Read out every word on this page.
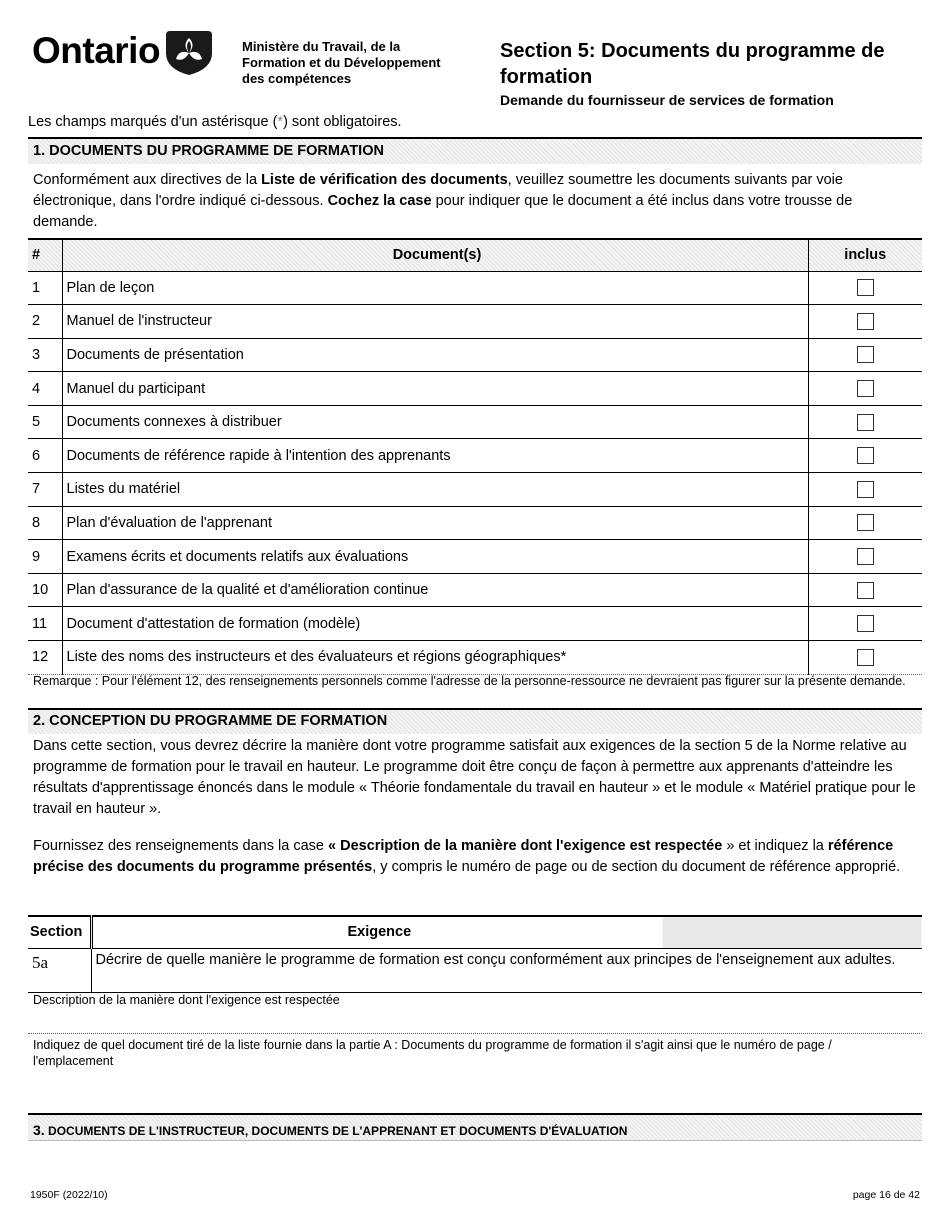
Ontario	Ministère du Travail, de la
Formation et du Développement
des compétences
Section 5: Documents du programme de formation
Demande du fournisseur de services de formation
Les champs marqués d'un astérisque (*) sont obligatoires.
1. DOCUMENTS DU PROGRAMME DE FORMATION
Conformément aux directives de la Liste de vérification des documents, veuillez soumettre les documents suivants par voie électronique, dans l'ordre indiqué ci-dessous. Cochez la case pour indiquer que le document a été inclus dans votre trousse de demande.
#	Document(s)	inclus
1	Plan de leçon	
2	Manuel de l'instructeur	
3	Documents de présentation	
4	Manuel du participant	
5	Documents connexes à distribuer	
6	Documents de référence rapide à l'intention des apprenants	
7	Listes du matériel	
8	Plan d'évaluation de l'apprenant	
9	Examens écrits et documents relatifs aux évaluations	
10	Plan d'assurance de la qualité et d'amélioration continue	
11	Document d'attestation de formation (modèle)	
12	Liste des noms des instructeurs et des évaluateurs et régions géographiques*	
Remarque : Pour l'élément 12, des renseignements personnels comme l'adresse de la personne-ressource ne devraient pas figurer sur la présente demande.
2. CONCEPTION DU PROGRAMME DE FORMATION
Dans cette section, vous devrez décrire la manière dont votre programme satisfait aux exigences de la section 5 de la Norme relative au programme de formation pour le travail en hauteur. Le programme doit être conçu de façon à permettre aux apprenants d'atteindre les résultats d'apprentissage énoncés dans le module « Théorie fondamentale du travail en hauteur » et le module « Matériel pratique pour le travail en hauteur ».
Fournissez des renseignements dans la case « Description de la manière dont l'exigence est respectée » et indiquez la référence précise des documents du programme présentés, y compris le numéro de page ou de section du document de référence approprié.
Section	Exigence
5a	Décrire de quelle manière le programme de formation est conçu conformément aux principes de l'enseignement aux adultes.
Description de la manière dont l'exigence est respectée
Indiquez de quel document tiré de la liste fournie dans la partie A : Documents du programme de formation il s'agit ainsi que le numéro de page / l'emplacement
3. DOCUMENTS DE L'INSTRUCTEUR, DOCUMENTS DE L'APPRENANT ET DOCUMENTS D'ÉVALUATION
1950F (2022/10)	page 16 de 42
